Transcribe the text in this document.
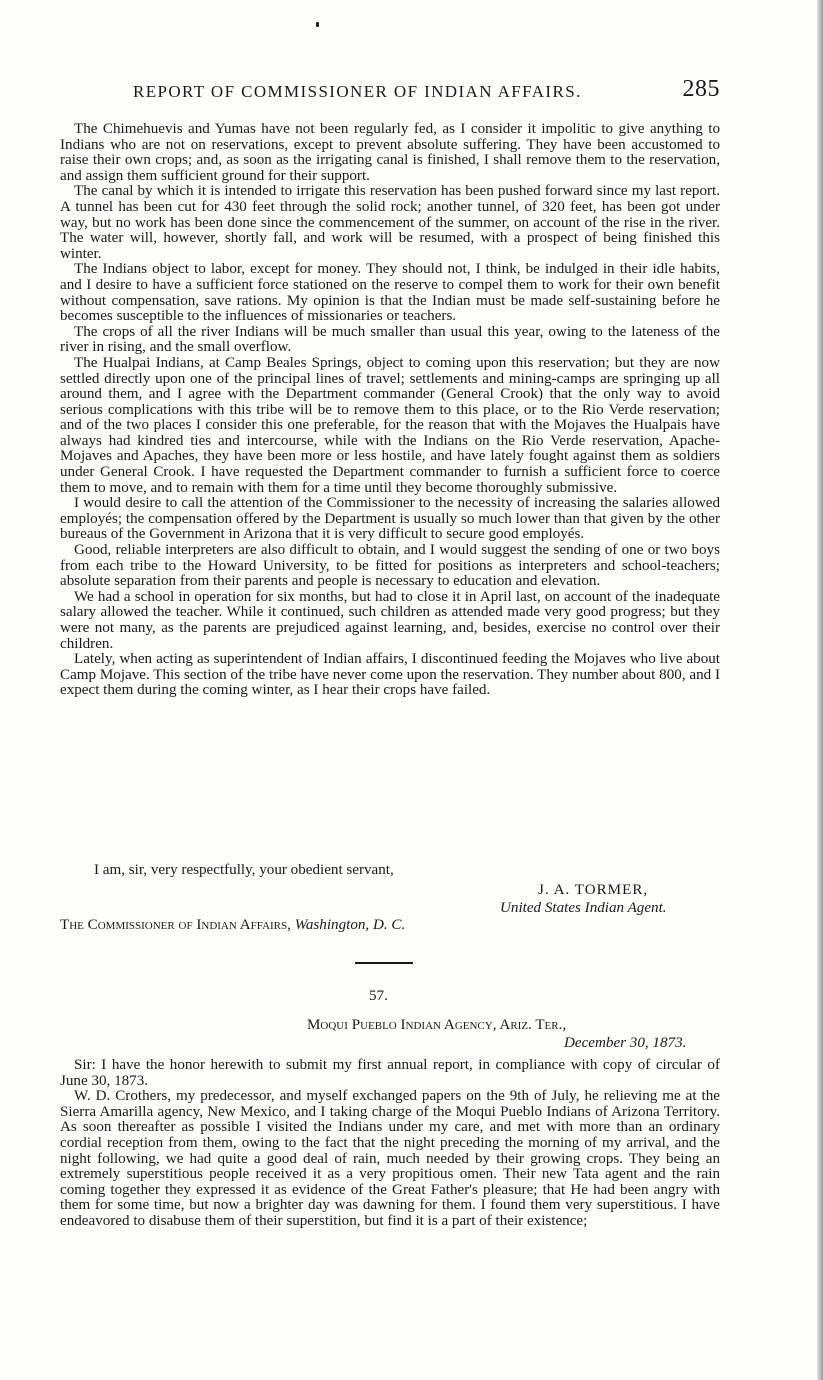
REPORT OF COMMISSIONER OF INDIAN AFFAIRS.	285

The Chimehuevis and Yumas have not been regularly fed, as I consider it impolitic to give anything to Indians who are not on reservations, except to prevent absolute suffering. They have been accustomed to raise their own crops; and, as soon as the irrigating canal is finished, I shall remove them to the reservation, and assign them sufficient ground for their support.

The canal by which it is intended to irrigate this reservation has been pushed forward since my last report. A tunnel has been cut for 430 feet through the solid rock; another tunnel, of 320 feet, has been got under way, but no work has been done since the commencement of the summer, on account of the rise in the river. The water will, however, shortly fall, and work will be resumed, with a prospect of being finished this winter.

The Indians object to labor, except for money. They should not, I think, be indulged in their idle habits, and I desire to have a sufficient force stationed on the reserve to compel them to work for their own benefit without compensation, save rations. My opinion is that the Indian must be made self-sustaining before he becomes susceptible to the influences of missionaries or teachers.

The crops of all the river Indians will be much smaller than usual this year, owing to the lateness of the river in rising, and the small overflow.

The Hualpai Indians, at Camp Beales Springs, object to coming upon this reservation; but they are now settled directly upon one of the principal lines of travel; settlements and mining-camps are springing up all around them, and I agree with the Department commander (General Crook) that the only way to avoid serious complications with this tribe will be to remove them to this place, or to the Rio Verde reservation; and of the two places I consider this one preferable, for the reason that with the Mojaves the Hualpais have always had kindred ties and intercourse, while with the Indians on the Rio Verde reservation, Apache-Mojaves and Apaches, they have been more or less hostile, and have lately fought against them as soldiers under General Crook. I have requested the Department commander to furnish a sufficient force to coerce them to move, and to remain with them for a time until they become thoroughly submissive.

I would desire to call the attention of the Commissioner to the necessity of increasing the salaries allowed employés; the compensation offered by the Department is usually so much lower than that given by the other bureaus of the Government in Arizona that it is very difficult to secure good employés.

Good, reliable interpreters are also difficult to obtain, and I would suggest the sending of one or two boys from each tribe to the Howard University, to be fitted for positions as interpreters and school-teachers; absolute separation from their parents and people is necessary to education and elevation.

We had a school in operation for six months, but had to close it in April last, on account of the inadequate salary allowed the teacher. While it continued, such children as attended made very good progress; but they were not many, as the parents are prejudiced against learning, and, besides, exercise no control over their children.

Lately, when acting as superintendent of Indian affairs, I discontinued feeding the Mojaves who live about Camp Mojave. This section of the tribe have never come upon the reservation. They number about 800, and I expect them during the coming winter, as I hear their crops have failed.

I am, sir, very respectfully, your obedient servant,
J. A. TORMER,
United States Indian Agent.
The Commissioner of Indian Affairs, Washington, D. C.
57.
Moqui Pueblo Indian Agency, Ariz. Ter.,
December 30, 1873.

Sir: I have the honor herewith to submit my first annual report, in compliance with copy of circular of June 30, 1873.

W. D. Crothers, my predecessor, and myself exchanged papers on the 9th of July, he relieving me at the Sierra Amarilla agency, New Mexico, and I taking charge of the Moqui Pueblo Indians of Arizona Territory. As soon thereafter as possible I visited the Indians under my care, and met with more than an ordinary cordial reception from them, owing to the fact that the night preceding the morning of my arrival, and the night following, we had quite a good deal of rain, much needed by their growing crops. They being an extremely superstitious people received it as a very propitious omen. Their new Tata agent and the rain coming together they expressed it as evidence of the Great Father's pleasure; that He had been angry with them for some time, but now a brighter day was dawning for them. I found them very superstitious. I have endeavored to disabuse them of their superstition, but find it is a part of their existence;
